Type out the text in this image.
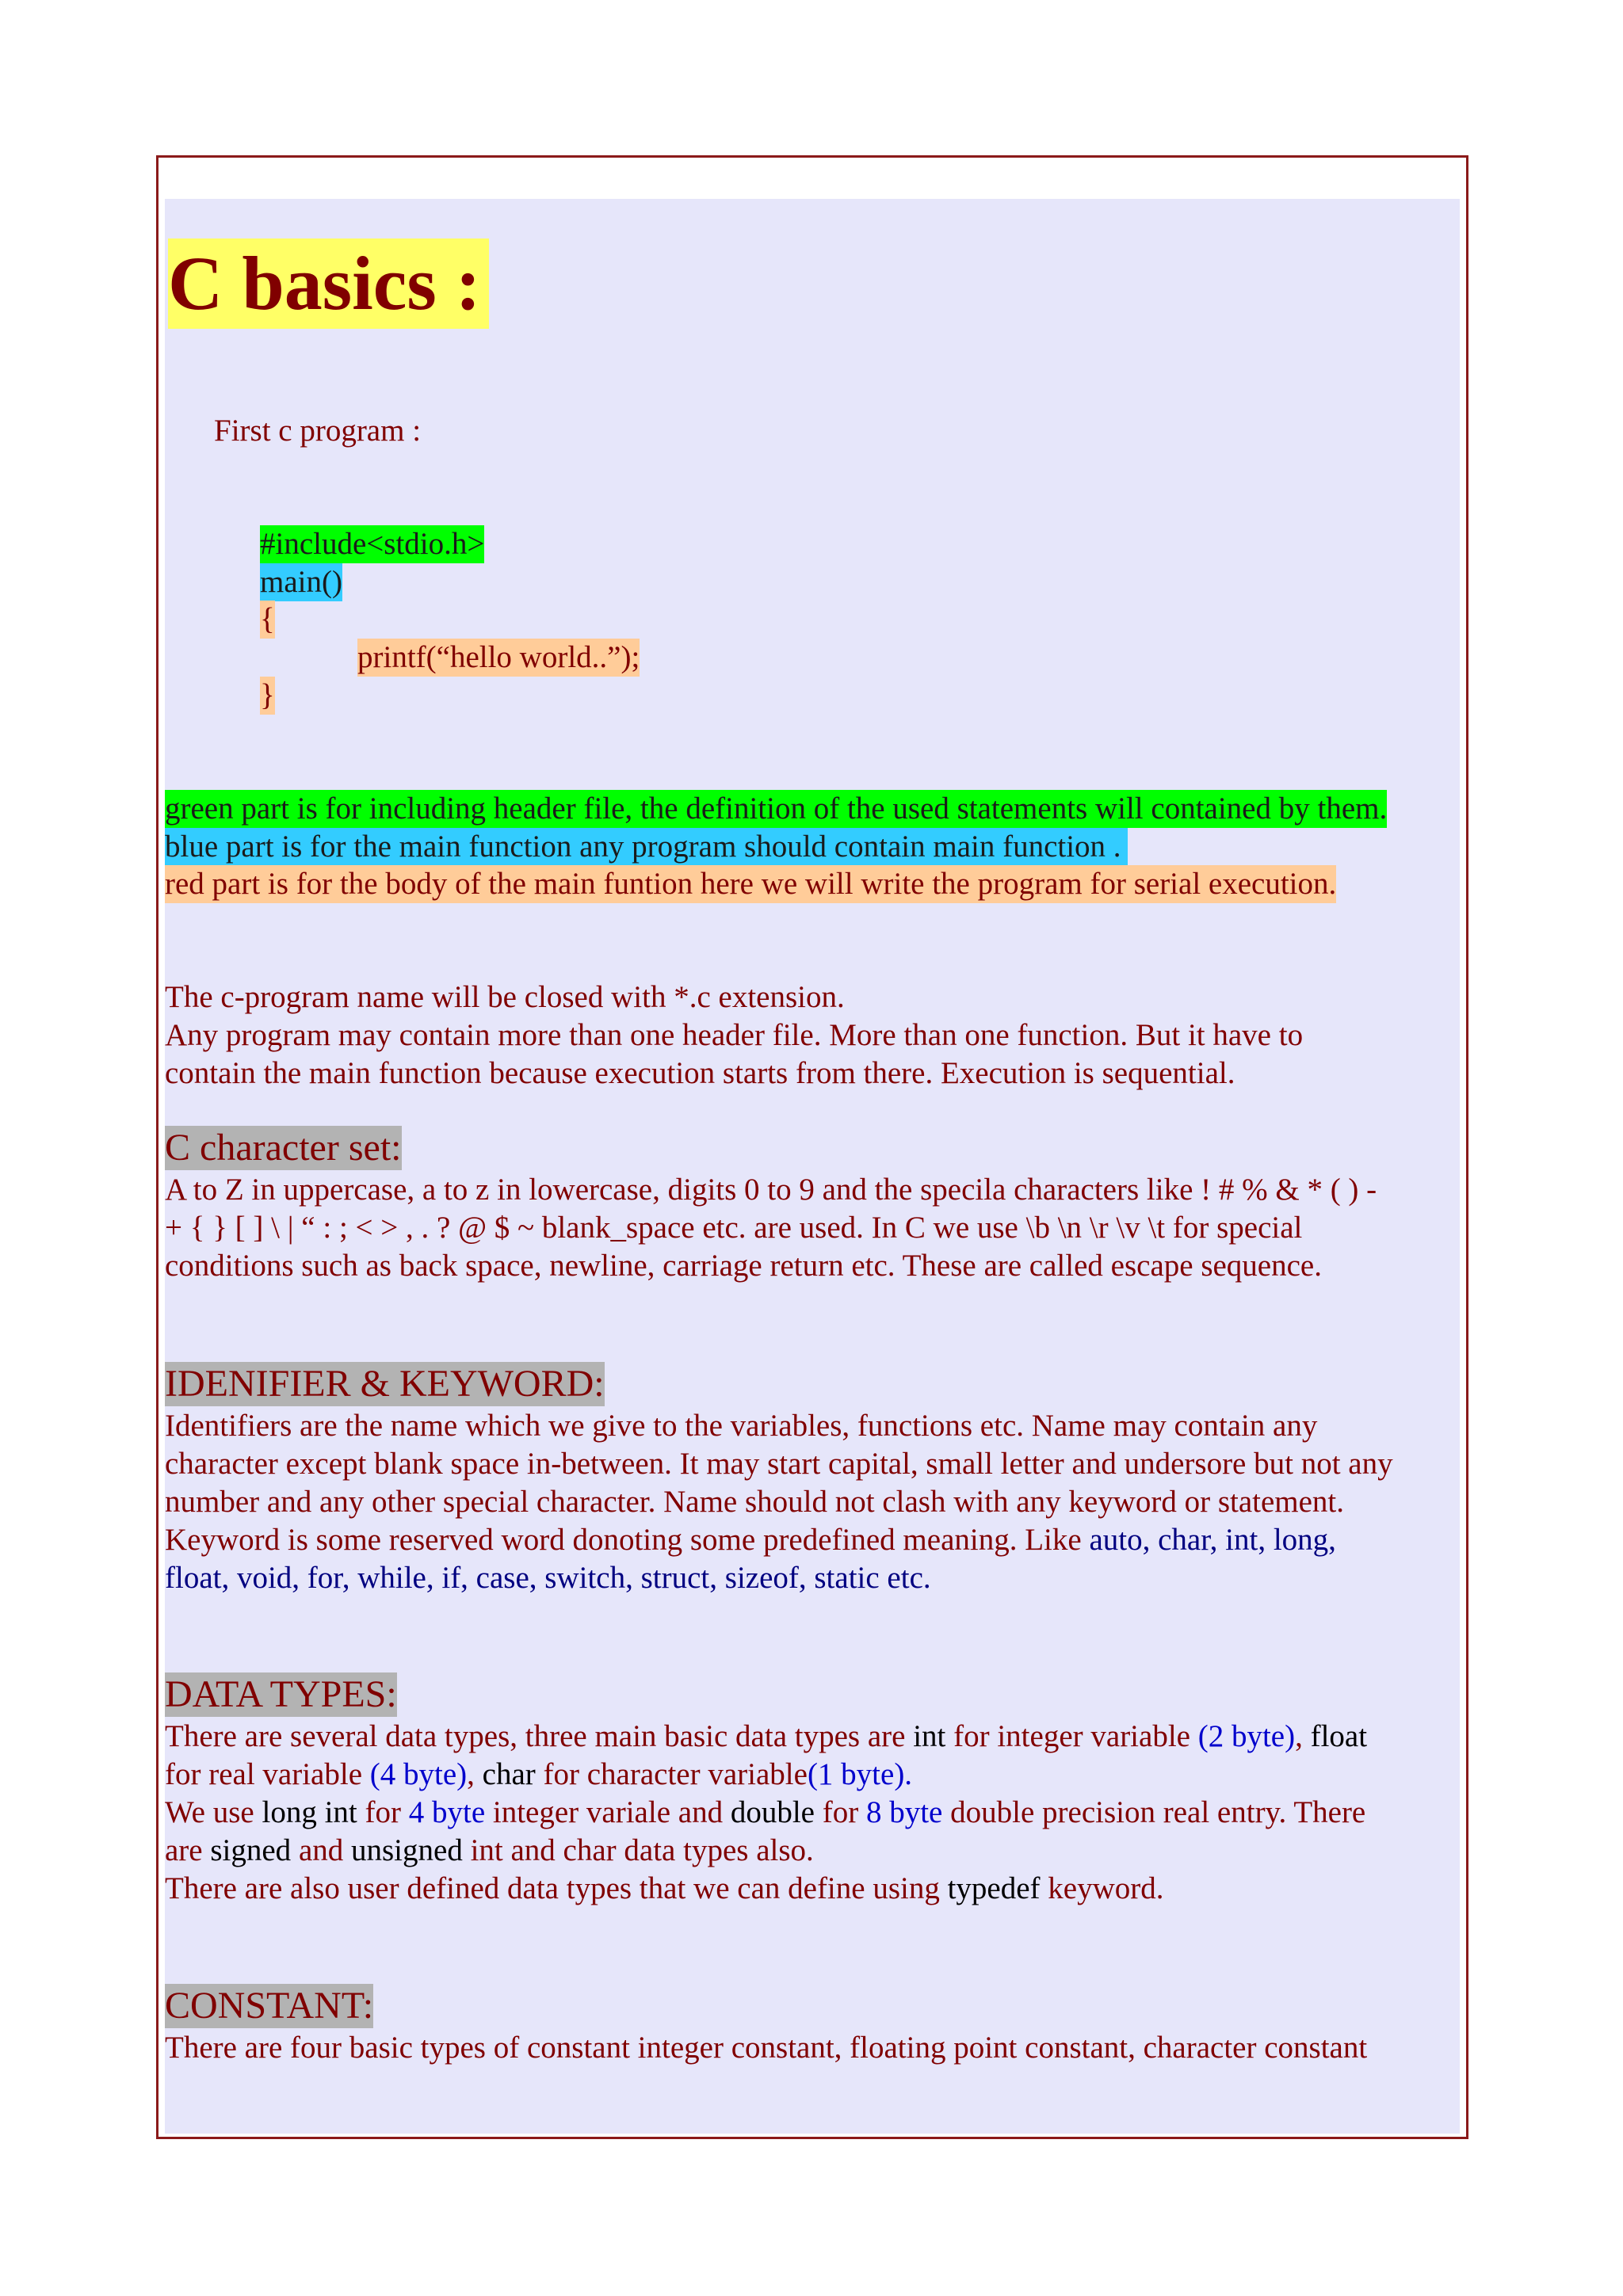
C basics :
First c program :
#include<stdio.h>
main()
{
printf(“hello world..”);
}
green part is for including header file, the definition of the used statements will contained by them.
blue part is for the main function any program should contain main function .
red part is for the body of the main funtion here we will write the program for serial execution.
The c-program name will be closed with *.c extension.
Any program may contain more than one header file. More than one function. But it have to
contain the main function because execution starts from there. Execution is sequential.
C character set:
A to Z in uppercase, a to z in lowercase, digits 0 to 9 and the specila characters like ! # % & * ( ) -
+ { } [ ] \ | “ : ; < > , . ? @ $ ~ blank_space etc. are used. In C we use \b \n \r \v \t for special
conditions such as back space, newline, carriage return etc. These are called escape sequence.
IDENIFIER & KEYWORD:
Identifiers are the name which we give to the variables, functions etc. Name may contain any
character except blank space in-between. It may start capital, small letter and undersore but not any
number and any other special character. Name should not clash with any keyword or statement.
Keyword is some reserved word donoting some predefined meaning. Like auto, char, int, long,
float, void, for, while, if, case, switch, struct, sizeof, static etc.
DATA TYPES:
There are several data types, three main basic data types are int for integer variable (2 byte), float
for real variable (4 byte), char for character variable(1 byte).
We use long int for 4 byte integer variale and double for 8 byte double precision real entry. There
are signed and unsigned int and char data types also.
There are also user defined data types that we can define using typedef keyword.
CONSTANT:
There are four basic types of constant integer constant, floating point constant, character constant
